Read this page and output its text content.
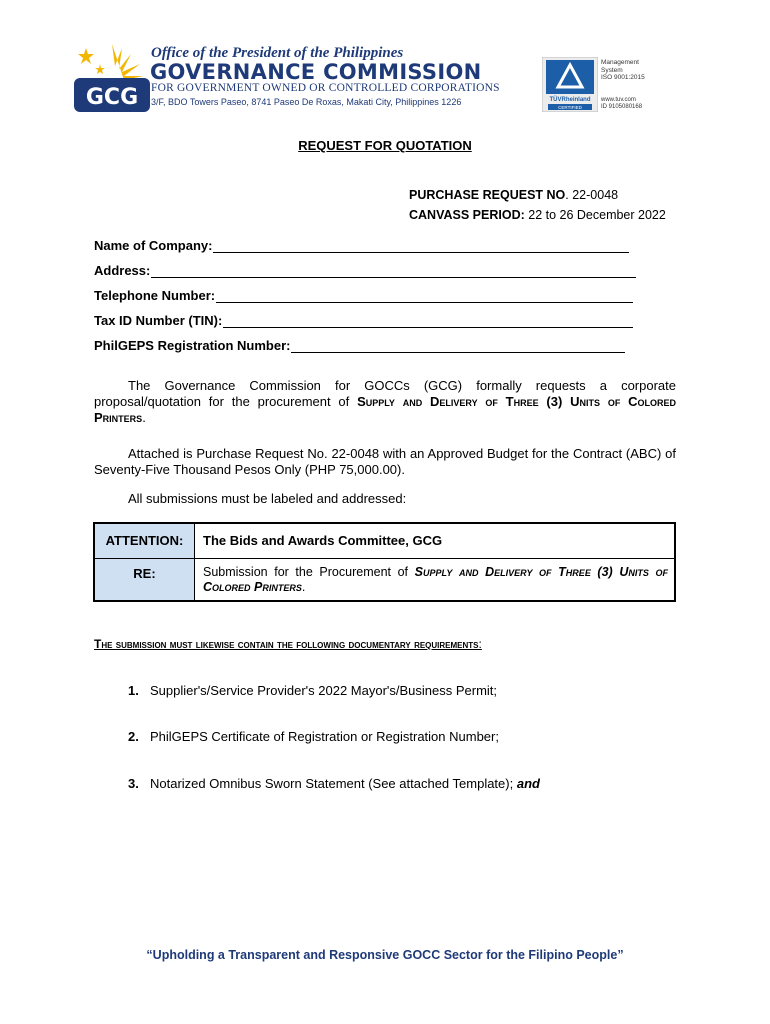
GCG
Office of the President of the Philippines
GOVERNANCE COMMISSION
FOR GOVERNMENT OWNED OR CONTROLLED CORPORATIONS
3/F, BDO Towers Paseo, 8741 Paseo De Roxas, Makati City, Philippines 1226	TÜVRheinland
CERTIFIED
Management
System
ISO 9001:2015
www.tuv.com
ID 9105080168
REQUEST FOR QUOTATION
PURCHASE REQUEST NO. 22-0048
CANVASS PERIOD: 22 to 26 December 2022
Name of Company:
Address:
Telephone Number:
Tax ID Number (TIN):
PhilGEPS Registration Number:
The Governance Commission for GOCCs (GCG) formally requests a corporate proposal/quotation for the procurement of Supply and Delivery of Three (3) Units of Colored Printers.
Attached is Purchase Request No. 22-0048 with an Approved Budget for the Contract (ABC) of Seventy-Five Thousand Pesos Only (PHP 75,000.00).
All submissions must be labeled and addressed:
ATTENTION:	The Bids and Awards Committee, GCG
RE:	Submission for the Procurement of Supply and Delivery of Three (3) Units of Colored Printers.
The submission must likewise contain the following documentary requirements:
1. Supplier's/Service Provider's 2022 Mayor's/Business Permit;
2. PhilGEPS Certificate of Registration or Registration Number;
3. Notarized Omnibus Sworn Statement (See attached Template); and
“Upholding a Transparent and Responsive GOCC Sector for the Filipino People”
